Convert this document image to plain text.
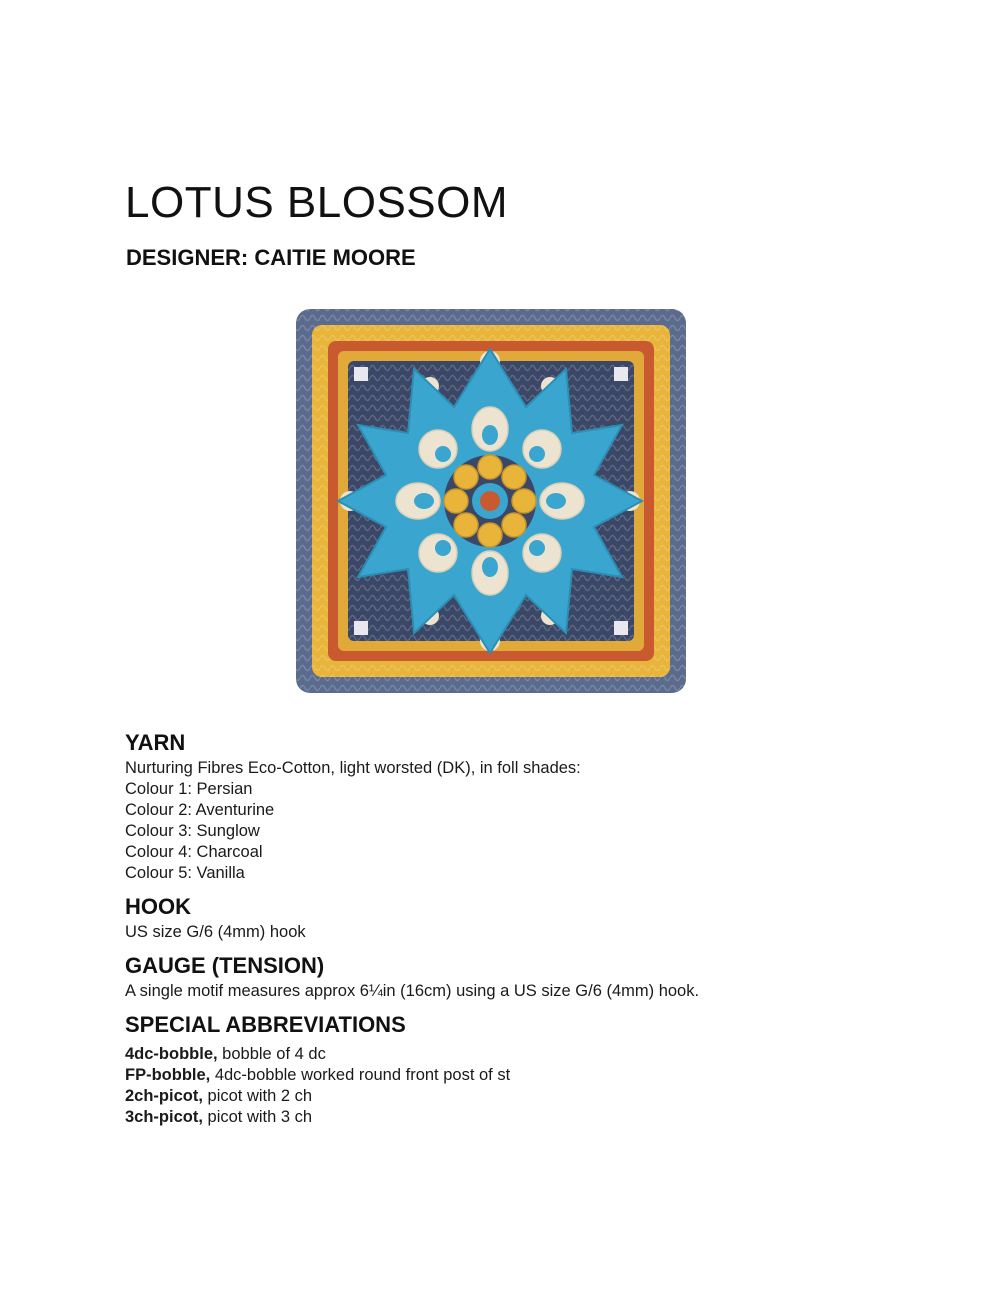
LOTUS BLOSSOM
DESIGNER: CAITIE MOORE
YARN

Nurturing Fibres Eco-Cotton, light worsted (DK), in foll shades:

Colour 1: Persian

Colour 2: Aventurine

Colour 3: Sunglow

Colour 4: Charcoal

Colour 5: Vanilla

HOOK

US size G/6 (4mm) hook

GAUGE (TENSION)

A single motif measures approx 6¼in (16cm) using a US size G/6 (4mm) hook.

SPECIAL ABBREVIATIONS

4dc-bobble, bobble of 4 dc

FP-bobble, 4dc-bobble worked round front post of st

2ch-picot, picot with 2 ch

3ch-picot, picot with 3 ch
